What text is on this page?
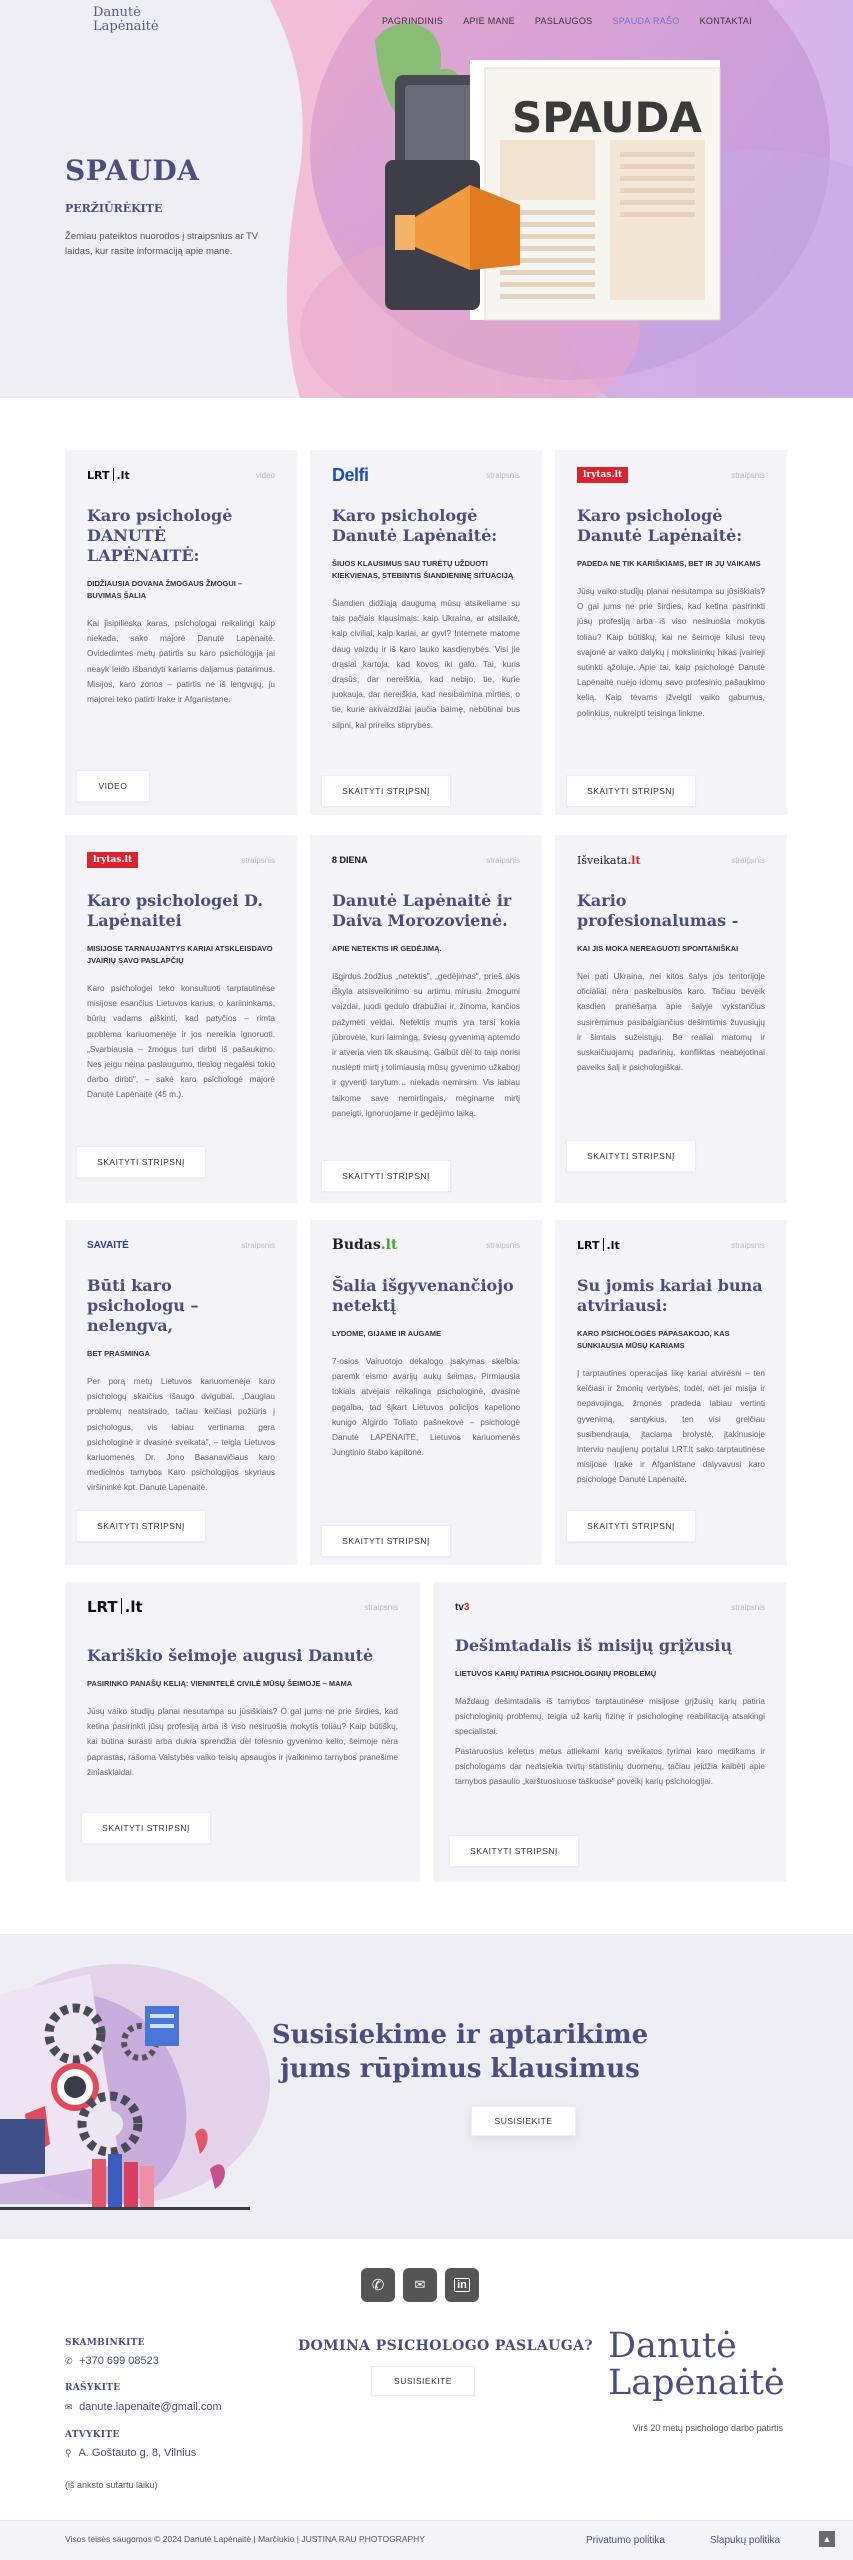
SPAUDA
Danutė
Lapėnaitė	PAGRINDINIS APIE MANE PASLAUGOS SPAUDA RAŠO KONTAKTAI
SPAUDA
PERŽIŪRĖKITE

Žemiau pateiktos nuorodos į straipsnius ar TV laidas, kur rasite informaciją apie mane.

LRT .lt	video
Karo psichologė DANUTĖ LAPĖNAITĖ:
DIDŽIAUSIA DOVANA ŽMOGAUS ŽMOGUI – BUVIMAS ŠALIA

Kai jisipilieska karas, psichologai reikalingi kaip niekada, sako majorė Danutė Lapėnaitė. Ovidedimtes metų patirtis su karo psichologija jai neayk leido išbandyti kariams daljamus patarimus. Misijos, karo zonos – patirtis ne iš lengvųjų, ju majorei teko patirti Irake ir Afganistane.

VIDEO
Delfi	straipsnis
Karo psichologė Danutė Lapėnaitė:
ŠIUOS KLAUSIMUS SAU TURĖTŲ UŽDUOTI KIEKVIENAS, STEBINTIS ŠIANDIENINĘ SITUACIJĄ

Šiandien didžiąją daugumą mūsų atsikeliame su tais pačiais klausimais: kaip Ukraina, ar atsilaikė, kaip civiliai, kaip kariai, ar gyvi? Internete matome daug vaizdų ir iš karo lauko kasdienybės. Visi jie drąsiai kartoja, kad kovos iki galo. Tai, kuris drąsūs, dar nereiškia, kad nebijo, tie, kurie juokauja, dar nereiškia, kad nesibaimina mirties, o tie, kurie akivaizdžiai jaučia baimę, nebūtinai bus silpni, kai prireiks stiprybės.

SKAITYTI STRIPSNĮ
lrytas.lt	straipsnis
Karo psichologė Danutė Lapėnaitė:
PADEDA NE TIK KARIŠKIAMS, BET IR JŲ VAIKAMS

Jūsų vaiko studijų planai nesutampa su jūsiškiais? O gal jums ne prie širdies, kad ketina pasirinkti jūsų profesiją arba iš viso nesiruošia mokytis toliau? Kaip būtiškų, kai ne šeimoje kilusi tėvų svajonė ar vaiko dalykų į mokslininkų hikas įvairieji sutinkti ąžoluje. Apie tai, kaip psichologė Danutė Lapėnaitė nuėjo idomų savo profesinio pašaukimo kelią. Kaip tėvams įžvelgti vaiko gabumus, polinkius, nukreipti teisinga linkme.

SKAITYTI STRIPSNĮ
lrytas.lt	straipsnis
Karo psichologei D. Lapėnaitei
MISIJOSE TARNAUJANTYS KARIAI ATSKLEISDAVO JVAIRIŲ SAVO PASLAPČIŲ

Karo psichologei teko konsultuoti tarptautinėse misijose esančius Lietuvos karius, o kariininkams, būrių vadams aiškinti, kad patyčios – rimta problema kariuomenėje ir jos nereikia ignoruoti. „Svarbiausia – žmogus turi dirbti iš pašaukimo. Nes jeigu neina paslaugumo, tiesiog negalėsi tokio darbo dirbti", – sakė karo psichologė majorė Danutė Lapėnaitė (45 m.).

SKAITYTI STRIPSNĮ
8 DIENA	straipsnis
Danutė Lapėnaitė ir Daiva Morozovienė.
APIE NETEKTIS IR GEDĖJIMĄ.

Išgirdus žodžius „netektis", „gedėjimas", prieš akis iškyla atsisveikinimo su artimu mirusiu žmogumi vaizdai, juodi gedulo drabužiai ir, žinoma, kančios pažymėti veidai. Netektis mums yra tarsi kokia jūbrovėlė, kuri laimingą, šviesų gyvenimą aptemdo ir atveria vien tik skausmą. Galbūt dėl to taip norisi nuslėpti mirtį į tolimiausią mūsų gyvenimo užkaborį ir gyventi tarytum… niekada nemirsim. Vis labiau taikome save nemirtingais, mėginame mirtį paneigti, ignoruojame ir gedėjimo laiką.

SKAITYTI STRIPSNĮ
Išveikata.lt	straipsnis
Kario profesionalumas -
KAI JIS MOKA NEREAGUOTI SPONTANIŠKAI

Nei pati Ukraina, nei kitos šalys jos teritorijoje oficialiai nėra paskelbusios karo. Tačiau beveik kasdien pranešama apie šalyje vykstančius susirėmimus pasibaigiančius dešimtimis žuvusiųjų ir šimtais sužeistųjų. Be realiai matomų ir suskaičiuojamų padarinių, konfliktas neabejotinai paveiks šalį ir psichologiškai.

SKAITYTI STRIPSNĮ
SAVAITĖ	straipsnis
Būti karo psichologu – nelengva,
BET PRASMINGA

Per porą metų Lietuvos kariuomenėje karo psichologų skaičius išaugo dvigubai. „Daugiau problemų neatsirado, tačiau keičiasi požiūris į psichologus, vis labiau vertinama gera psichologinė ir dvasinė sveikata", – teigia Lietuvos kariuomenės Dr. Jono Basanavičiaus karo medicinos tarnybos Karo psichologijos skyriaus viršininkė kpt. Danutė Lapėnaitė.

SKAITYTI STRIPSNĮ
Budas.lt	straipsnis
Šalia išgyvenančiojo netektį
LYDOME, GIJAME IR AUGAME

7-osios Vairuotojo dekalogo įsakymas skelbia: paremk eismo avarijų aukų šeimas. Pirmiausia tokiais atvejais reikalinga psichologinė, dvasinė pagalba, tad šįkart Lietuvos policijos kapeliono kunigo Algirdo Toliato pašnekovė – psichologė Danutė LAPĖNAITĖ, Lietuvos kariuomenės Jungtinio štabo kapitonė.

SKAITYTI STRIPSNĮ
LRT .lt	straipsnis
Su jomis kariai buna atviriausi:
KARO PSICHOLOGĖS PAPASAKOJO, KAS SUNKIAUSIA MŪSŲ KARIAMS

Į tarptautines operacijas likę kariai atvirėsni – ten keičiasi ir žmonių vertybės, todėl, net jei misija ir nepavojinga, žmonės pradeda labiau vertinti gyvenimą, santykius, ten visi greičiau susibendrauja, įtaciama brolystė, įtakinusioje interviu naujienų portalui LRT.lt sako tarptautinėse misijose Irake ir Afganistane dalyvavusi karo psichologė Danutė Lapėnaitė.

SKAITYTI STRIPSNĮ
LRT .lt	straipsnis
Kariškio šeimoje augusi Danutė
PASIRINKO PANAŠŲ KELIĄ: VIENINTELĖ CIVILĖ MŪSŲ ŠEIMOJE – MAMA

Jūsų vaiko studijų planai nesutampa su jūsiškiais? O gal jums ne prie širdies, kad ketina pasirinkti jūsų profesiją arba iš viso nesiruošia mokytis toliau? Kaip būtiškų, kai būtina surasti arba dukra sprendžia dėl tolesnio gyvenimo kelio, šeimoje nėra paprastas, rašoma Valstybės vaiko teisių apsaugos ir įvaikinimo tarnybos pranešime žiniasklaidai.

SKAITYTI STRIPSNĮ
tv3	straipsnis
Dešimtadalis iš misijų grįžusių
LIETUVOS KARIŲ PATIRIA PSICHOLOGINIŲ PROBLEMŲ

Maždaug dešimtadalis iš tarnybos tarptautinėse misijose grįžusių karių patiria psichologinių problemų, teigia už karių fizinę ir psichologinę reabilitaciją atsakingi specialistai.

Pastaruosius keletus metus atliekami karių sveikatos tyrimai karo medikams ir psichologams dar neatsiekia tvirtų statistinių duomenų, tačiau įeidžia kalbėti apie tarnybos pasaulio „karštuosiuose taškuose" poveikį karių psichologijai.

SKAITYTI STRIPSNĮ
Susisiekime ir aptarikime jums rūpimus klausimus
SUSISIEKITE
✆ ✉	in
SKAMBINKITE
✆ +370 699 08523
RAŠYKITE
✉ danute.lapenaite@gmail.com
ATVYKITE
⚲ A. Goštauto g. 8, Vilnius
(iš anksto sutartu laiku)
DOMINA PSICHOLOGO PASLAUGA?
SUSISIEKITE
Danutė
Lapėnaitė
Virš 20 metų psichologo darbo patirtis
Visos teisės saugomos © 2024 Danutė Lapėnaitė | Marčiukio | JUSTINA RAU PHOTOGRAPHY	Privatumo politika	Slapukų politika	▲
